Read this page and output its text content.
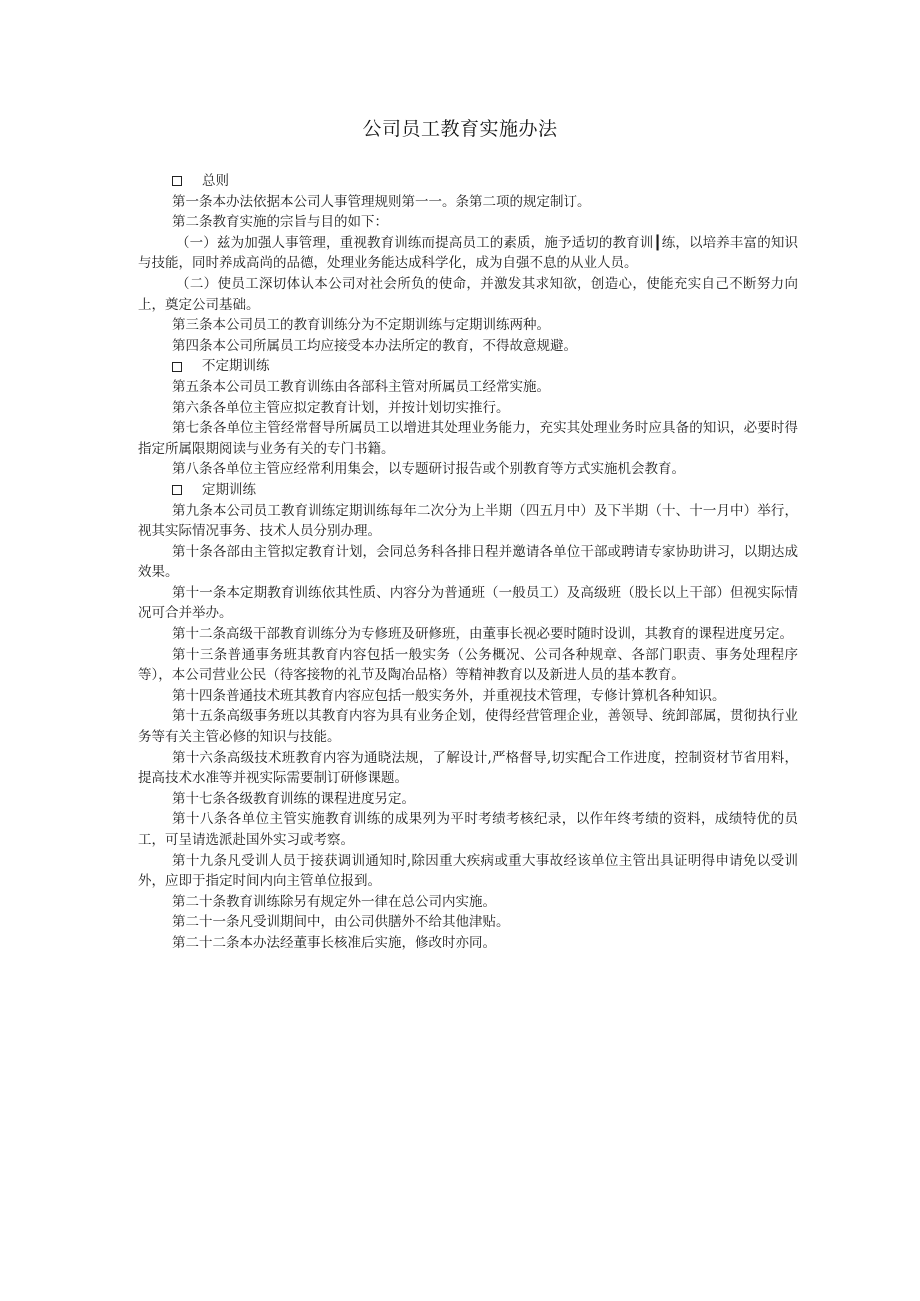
公司员工教育实施办法
总则

第一条本办法依据本公司人事管理规则第一一。条第二项的规定制订。

第二条教育实施的宗旨与目的如下：

（一）兹为加强人事管理，重视教育训练而提高员工的素质，施予适切的教育训┃练，以培养丰富的知识与技能，同时养成高尚的品德，处理业务能达成科学化，成为自强不息的从业人员。

（二）使员工深切体认本公司对社会所负的使命，并激发其求知欲，创造心，使能充实自己不断努力向上，奠定公司基础。

第三条本公司员工的教育训练分为不定期训练与定期训练两种。

第四条本公司所属员工均应接受本办法所定的教育，不得故意规避。

不定期训练

第五条本公司员工教育训练由各部科主管对所属员工经常实施。

第六条各单位主管应拟定教育计划，并按计划切实推行。

第七条各单位主管经常督导所属员工以增进其处理业务能力，充实其处理业务时应具备的知识，必要时得指定所属限期阅读与业务有关的专门书籍。

第八条各单位主管应经常利用集会，以专题研讨报告或个别教育等方式实施机会教育。

定期训练

第九条本公司员工教育训练定期训练每年二次分为上半期（四五月中）及下半期（十、十一月中）举行，视其实际情况事务、技术人员分别办理。

第十条各部由主管拟定教育计划，会同总务科各排日程并邀请各单位干部或聘请专家协助讲习，以期达成效果。

第十一条本定期教育训练依其性质、内容分为普通班（一般员工）及高级班（股长以上干部）但视实际情况可合并举办。

第十二条高级干部教育训练分为专修班及研修班，由董事长视必要时随时设训，其教育的课程进度另定。

第十三条普通事务班其教育内容包括一般实务（公务概况、公司各种规章、各部门职责、事务处理程序等），本公司营业公民（待客接物的礼节及陶冶品格）等精神教育以及新进人员的基本教育。

第十四条普通技术班其教育内容应包括一般实务外，并重视技术管理，专修计算机各种知识。

第十五条高级事务班以其教育内容为具有业务企划，使得经营管理企业，善领导、统卸部属，贯彻执行业务等有关主管必修的知识与技能。

第十六条高级技术班教育内容为通晓法规，了解设计,严格督导,切实配合工作进度，控制资材节省用料，提高技术水准等并视实际需要制订研修课题。

第十七条各级教育训练的课程进度另定。

第十八条各单位主管实施教育训练的成果列为平时考绩考核纪录，以作年终考绩的资料，成绩特优的员工，可呈请选派赴国外实习或考察。

第十九条凡受训人员于接获调训通知时,除因重大疾病或重大事故经该单位主管出具证明得申请免以受训外，应即于指定时间内向主管单位报到。

第二十条教育训练除另有规定外一律在总公司内实施。

第二十一条凡受训期间中，由公司供膳外不给其他津贴。

第二十二条本办法经董事长核准后实施，修改时亦同。
